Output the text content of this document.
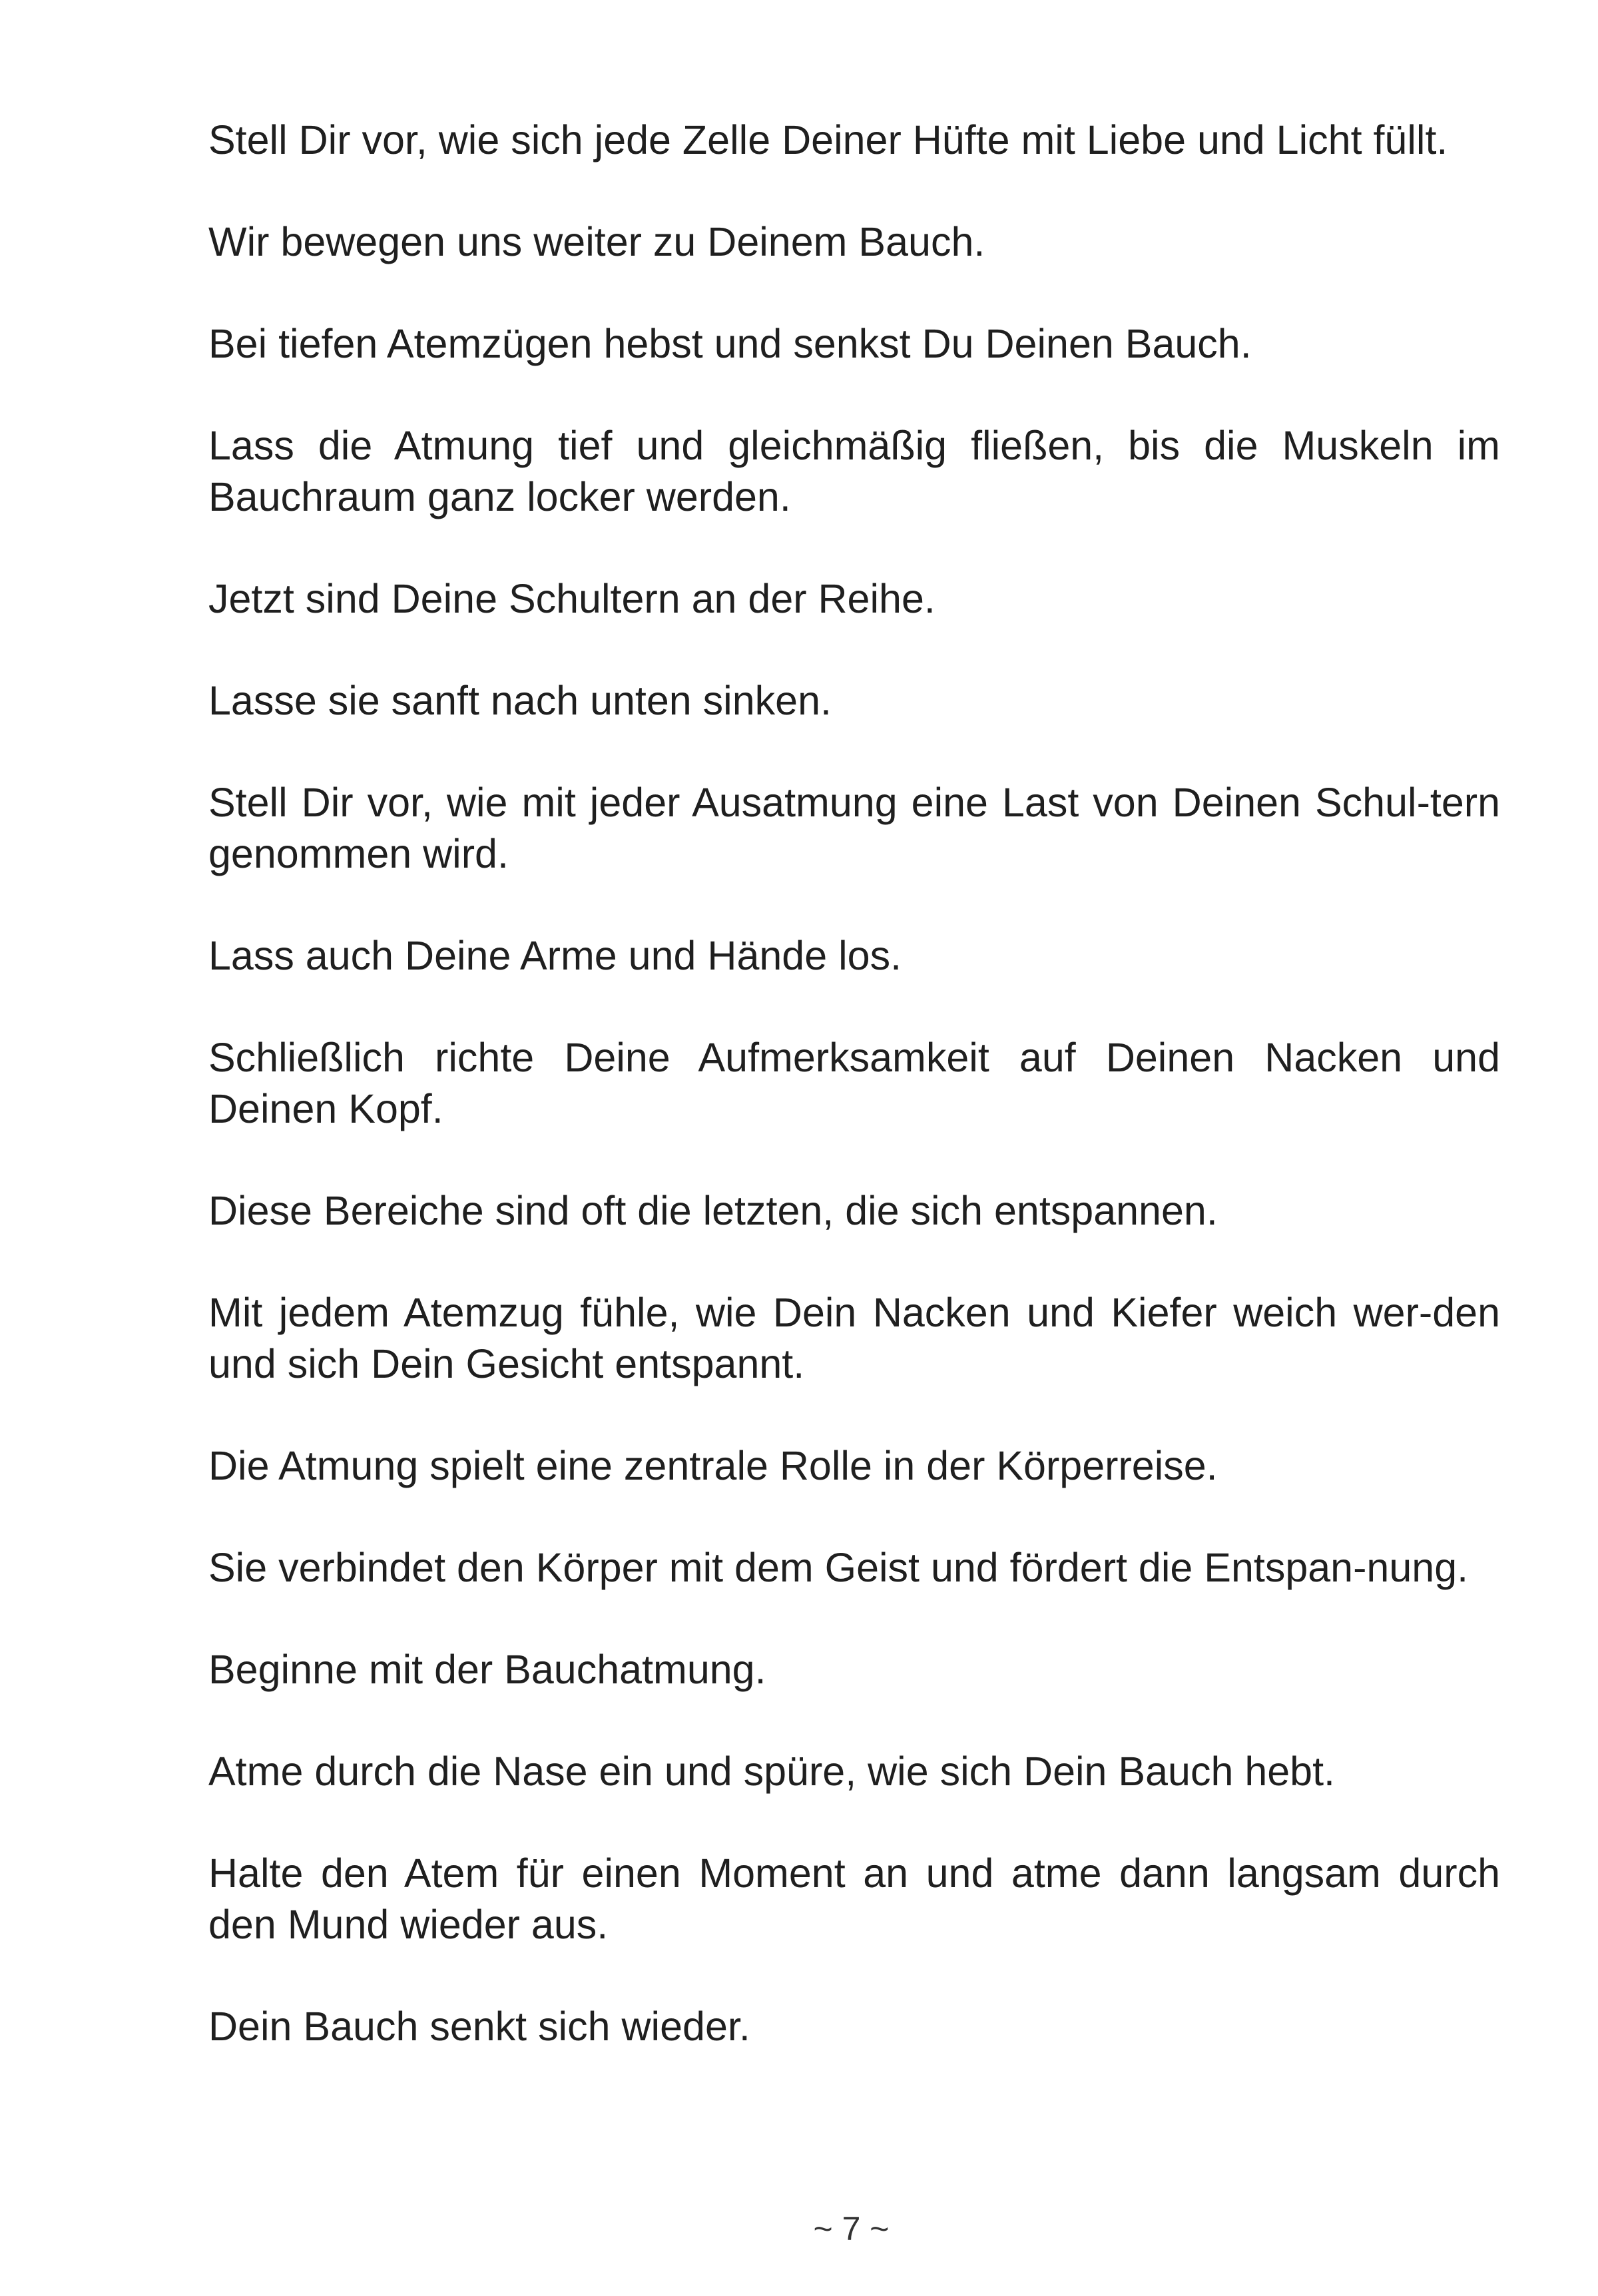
Stell Dir vor, wie sich jede Zelle Deiner Hüfte mit Liebe und Licht füllt.

Wir bewegen uns weiter zu Deinem Bauch.

Bei tiefen Atemzügen hebst und senkst Du Deinen Bauch.

Lass die Atmung tief und gleichmäßig fließen, bis die Muskeln im Bauchraum ganz locker werden.

Jetzt sind Deine Schultern an der Reihe.

Lasse sie sanft nach unten sinken.

Stell Dir vor, wie mit jeder Ausatmung eine Last von Deinen Schul-tern genommen wird.

Lass auch Deine Arme und Hände los.

Schließlich richte Deine Aufmerksamkeit auf Deinen Nacken und Deinen Kopf.

Diese Bereiche sind oft die letzten, die sich entspannen.

Mit jedem Atemzug fühle, wie Dein Nacken und Kiefer weich wer-den und sich Dein Gesicht entspannt.

Die Atmung spielt eine zentrale Rolle in der Körperreise.

Sie verbindet den Körper mit dem Geist und fördert die Entspan-nung.

Beginne mit der Bauchatmung.

Atme durch die Nase ein und spüre, wie sich Dein Bauch hebt.

Halte den Atem für einen Moment an und atme dann langsam durch den Mund wieder aus.

Dein Bauch senkt sich wieder.

~ 7 ~
